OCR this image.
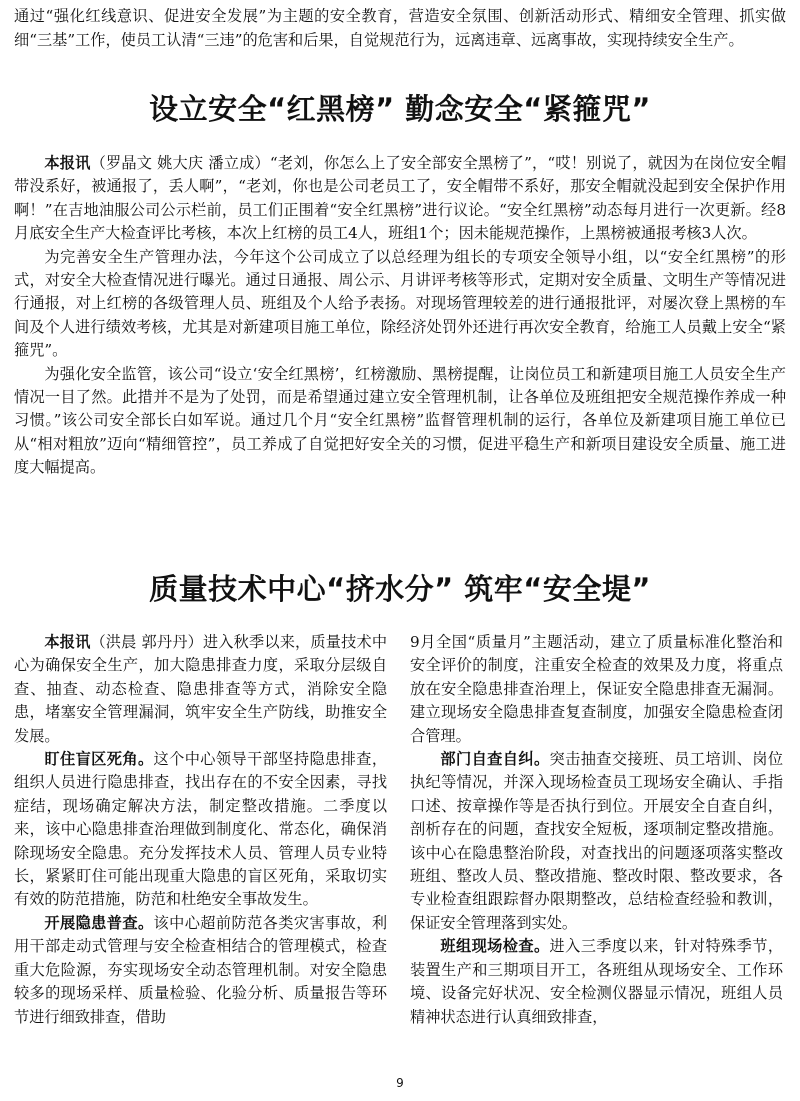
通过“强化红线意识、促进安全发展”为主题的安全教育，营造安全氛围、创新活动形式、精细安全管理、抓实做细“三基”工作，使员工认清“三违”的危害和后果，自觉规范行为，远离违章、远离事故，实现持续安全生产。

设立安全“红黑榜” 勤念安全“紧箍咒”

本报讯（罗晶文 姚大庆 潘立成）“老刘，你怎么上了安全部安全黑榜了”，“哎！别说了，就因为在岗位安全帽带没系好，被通报了，丢人啊”，“老刘，你也是公司老员工了，安全帽带不系好，那安全帽就没起到安全保护作用啊！”在吉地油服公司公示栏前，员工们正围着“安全红黑榜”进行议论。“安全红黑榜”动态每月进行一次更新。经8月底安全生产大检查评比考核，本次上红榜的员工4人，班组1个；因未能规范操作，上黑榜被通报考核3人次。

为完善安全生产管理办法，今年这个公司成立了以总经理为组长的专项安全领导小组，以“安全红黑榜”的形式，对安全大检查情况进行曝光。通过日通报、周公示、月讲评考核等形式，定期对安全质量、文明生产等情况进行通报，对上红榜的各级管理人员、班组及个人给予表扬。对现场管理较差的进行通报批评，对屡次登上黑榜的车间及个人进行绩效考核，尤其是对新建项目施工单位，除经济处罚外还进行再次安全教育，给施工人员戴上安全“紧箍咒”。

为强化安全监管，该公司“设立‘安全红黑榜’，红榜激励、黑榜提醒，让岗位员工和新建项目施工人员安全生产情况一目了然。此措并不是为了处罚，而是希望通过建立安全管理机制，让各单位及班组把安全规范操作养成一种习惯。”该公司安全部长白如军说。通过几个月“安全红黑榜”监督管理机制的运行，各单位及新建项目施工单位已从“相对粗放”迈向“精细管控”，员工养成了自觉把好安全关的习惯，促进平稳生产和新项目建设安全质量、施工进度大幅提高。

质量技术中心“挤水分” 筑牢“安全堤”

本报讯（洪晨 郭丹丹）进入秋季以来，质量技术中心为确保安全生产，加大隐患排查力度，采取分层级自查、抽查、动态检查、隐患排查等方式，消除安全隐患，堵塞安全管理漏洞，筑牢安全生产防线，助推安全发展。

盯住盲区死角。这个中心领导干部坚持隐患排查，组织人员进行隐患排查，找出存在的不安全因素，寻找症结，现场确定解决方法，制定整改措施。二季度以来，该中心隐患排查治理做到制度化、常态化，确保消除现场安全隐患。充分发挥技术人员、管理人员专业特长，紧紧盯住可能出现重大隐患的盲区死角，采取切实有效的防范措施，防范和杜绝安全事故发生。

开展隐患普查。该中心超前防范各类灾害事故，利用干部走动式管理与安全检查相结合的管理模式，检查重大危险源，夯实现场安全动态管理机制。对安全隐患较多的现场采样、质量检验、化验分析、质量报告等环节进行细致排查，借助

9月全国“质量月”主题活动，建立了质量标准化整治和安全评价的制度，注重安全检查的效果及力度，将重点放在安全隐患排查治理上，保证安全隐患排查无漏洞。建立现场安全隐患排查复查制度，加强安全隐患检查闭合管理。

部门自查自纠。突击抽查交接班、员工培训、岗位执纪等情况，并深入现场检查员工现场安全确认、手指口述、按章操作等是否执行到位。开展安全自查自纠，剖析存在的问题，查找安全短板，逐项制定整改措施。该中心在隐患整治阶段，对查找出的问题逐项落实整改班组、整改人员、整改措施、整改时限、整改要求，各专业检查组跟踪督办限期整改，总结检查经验和教训，保证安全管理落到实处。

班组现场检查。进入三季度以来，针对特殊季节，装置生产和三期项目开工，各班组从现场安全、工作环境、设备完好状况、安全检测仪器显示情况，班组人员精神状态进行认真细致排查，

9
